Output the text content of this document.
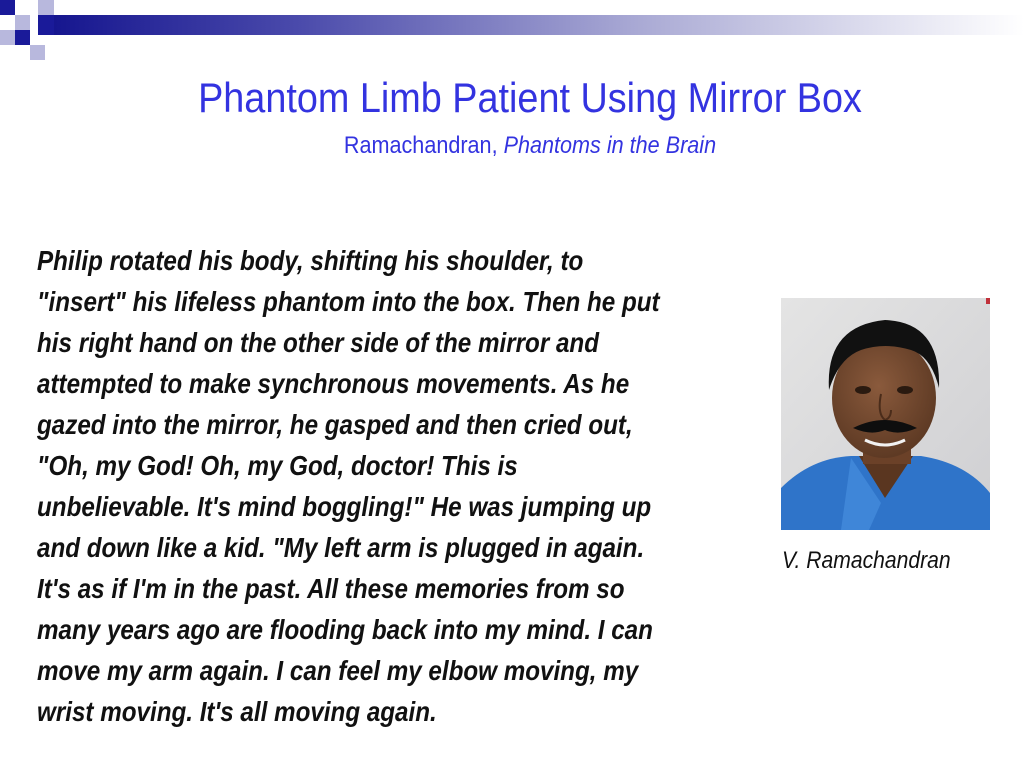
Phantom Limb Patient Using Mirror Box
Ramachandran, Phantoms in the Brain
Philip rotated his body, shifting his shoulder, to
"insert" his lifeless phantom into the box. Then he put
his right hand on the other side of the mirror and
attempted to make synchronous movements. As he
gazed into the mirror, he gasped and then cried out,
"Oh, my God! Oh, my God, doctor! This is
unbelievable. It's mind boggling!" He was jumping up
and down like a kid. "My left arm is plugged in again.
It's as if I'm in the past. All these memories from so
many years ago are flooding back into my mind. I can
move my arm again. I can feel my elbow moving, my
wrist moving. It's all moving again.
V. Ramachandran
